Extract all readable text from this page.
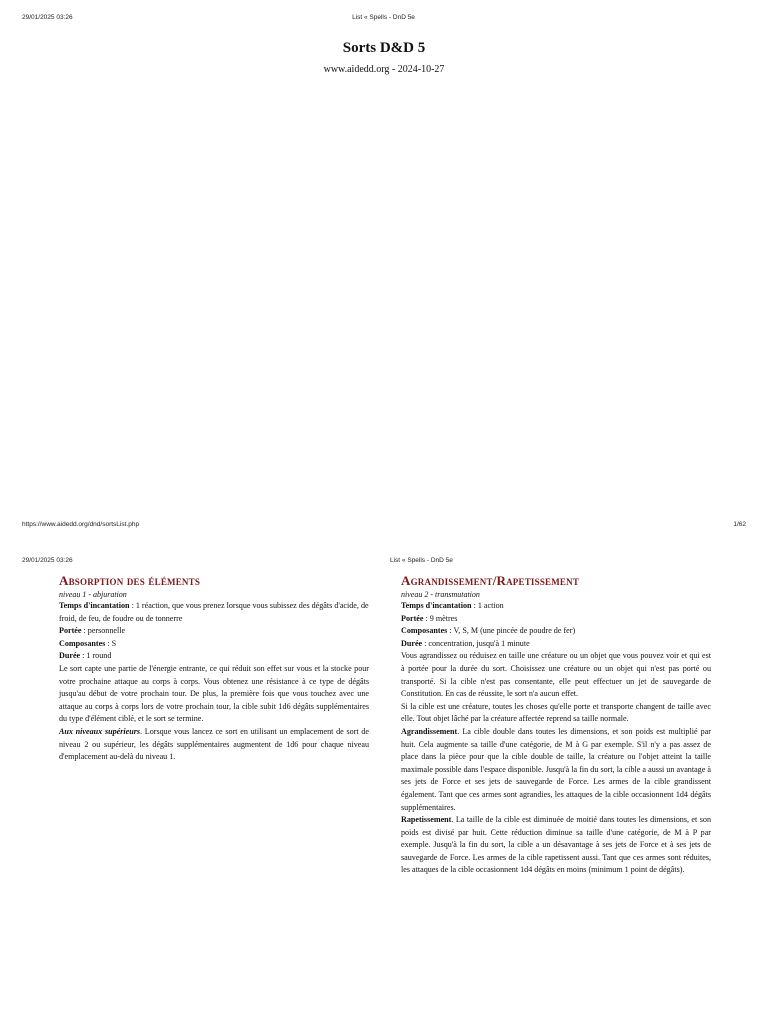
29/01/2025 03:26	List « Spells - DnD 5e
Sorts D&D 5
www.aidedd.org - 2024-10-27
https://www.aidedd.org/dnd/sortsList.php	1/62
29/01/2025 03:26	List « Spells - DnD 5e

Absorption des éléments

niveau 1 - abjuration

Temps d'incantation : 1 réaction, que vous prenez lorsque vous subissez des dégâts d'acide, de froid, de feu, de foudre ou de tonnerre

Portée : personnelle

Composantes : S

Durée : 1 round

Le sort capte une partie de l'énergie entrante, ce qui réduit son effet sur vous et la stocke pour votre prochaine attaque au corps à corps. Vous obtenez une résistance à ce type de dégâts jusqu'au début de votre prochain tour. De plus, la première fois que vous touchez avec une attaque au corps à corps lors de votre prochain tour, la cible subit 1d6 dégâts supplémentaires du type d'élément ciblé, et le sort se termine.

Aux niveaux supérieurs. Lorsque vous lancez ce sort en utilisant un emplacement de sort de niveau 2 ou supérieur, les dégâts supplémentaires augmentent de 1d6 pour chaque niveau d'emplacement au-delà du niveau 1.

Agrandissement/Rapetissement

niveau 2 - transmutation

Temps d'incantation : 1 action

Portée : 9 mètres

Composantes : V, S, M (une pincée de poudre de fer)

Durée : concentration, jusqu'à 1 minute

Vous agrandissez ou réduisez en taille une créature ou un objet que vous pouvez voir et qui est à portée pour la durée du sort. Choisissez une créature ou un objet qui n'est pas porté ou transporté. Si la cible n'est pas consentante, elle peut effectuer un jet de sauvegarde de Constitution. En cas de réussite, le sort n'a aucun effet.

Si la cible est une créature, toutes les choses qu'elle porte et transporte changent de taille avec elle. Tout objet lâché par la créature affectée reprend sa taille normale.

Agrandissement. La cible double dans toutes les dimensions, et son poids est multiplié par huit. Cela augmente sa taille d'une catégorie, de M à G par exemple. S'il n'y a pas assez de place dans la pièce pour que la cible double de taille, la créature ou l'objet atteint la taille maximale possible dans l'espace disponible. Jusqu'à la fin du sort, la cible a aussi un avantage à ses jets de Force et ses jets de sauvegarde de Force. Les armes de la cible grandissent également. Tant que ces armes sont agrandies, les attaques de la cible occasionnent 1d4 dégâts supplémentaires.

Rapetissement. La taille de la cible est diminuée de moitié dans toutes les dimensions, et son poids est divisé par huit. Cette réduction diminue sa taille d'une catégorie, de M à P par exemple. Jusqu'à la fin du sort, la cible a un désavantage à ses jets de Force et à ses jets de sauvegarde de Force. Les armes de la cible rapetissent aussi. Tant que ces armes sont réduites, les attaques de la cible occasionnent 1d4 dégâts en moins (minimum 1 point de dégâts).
